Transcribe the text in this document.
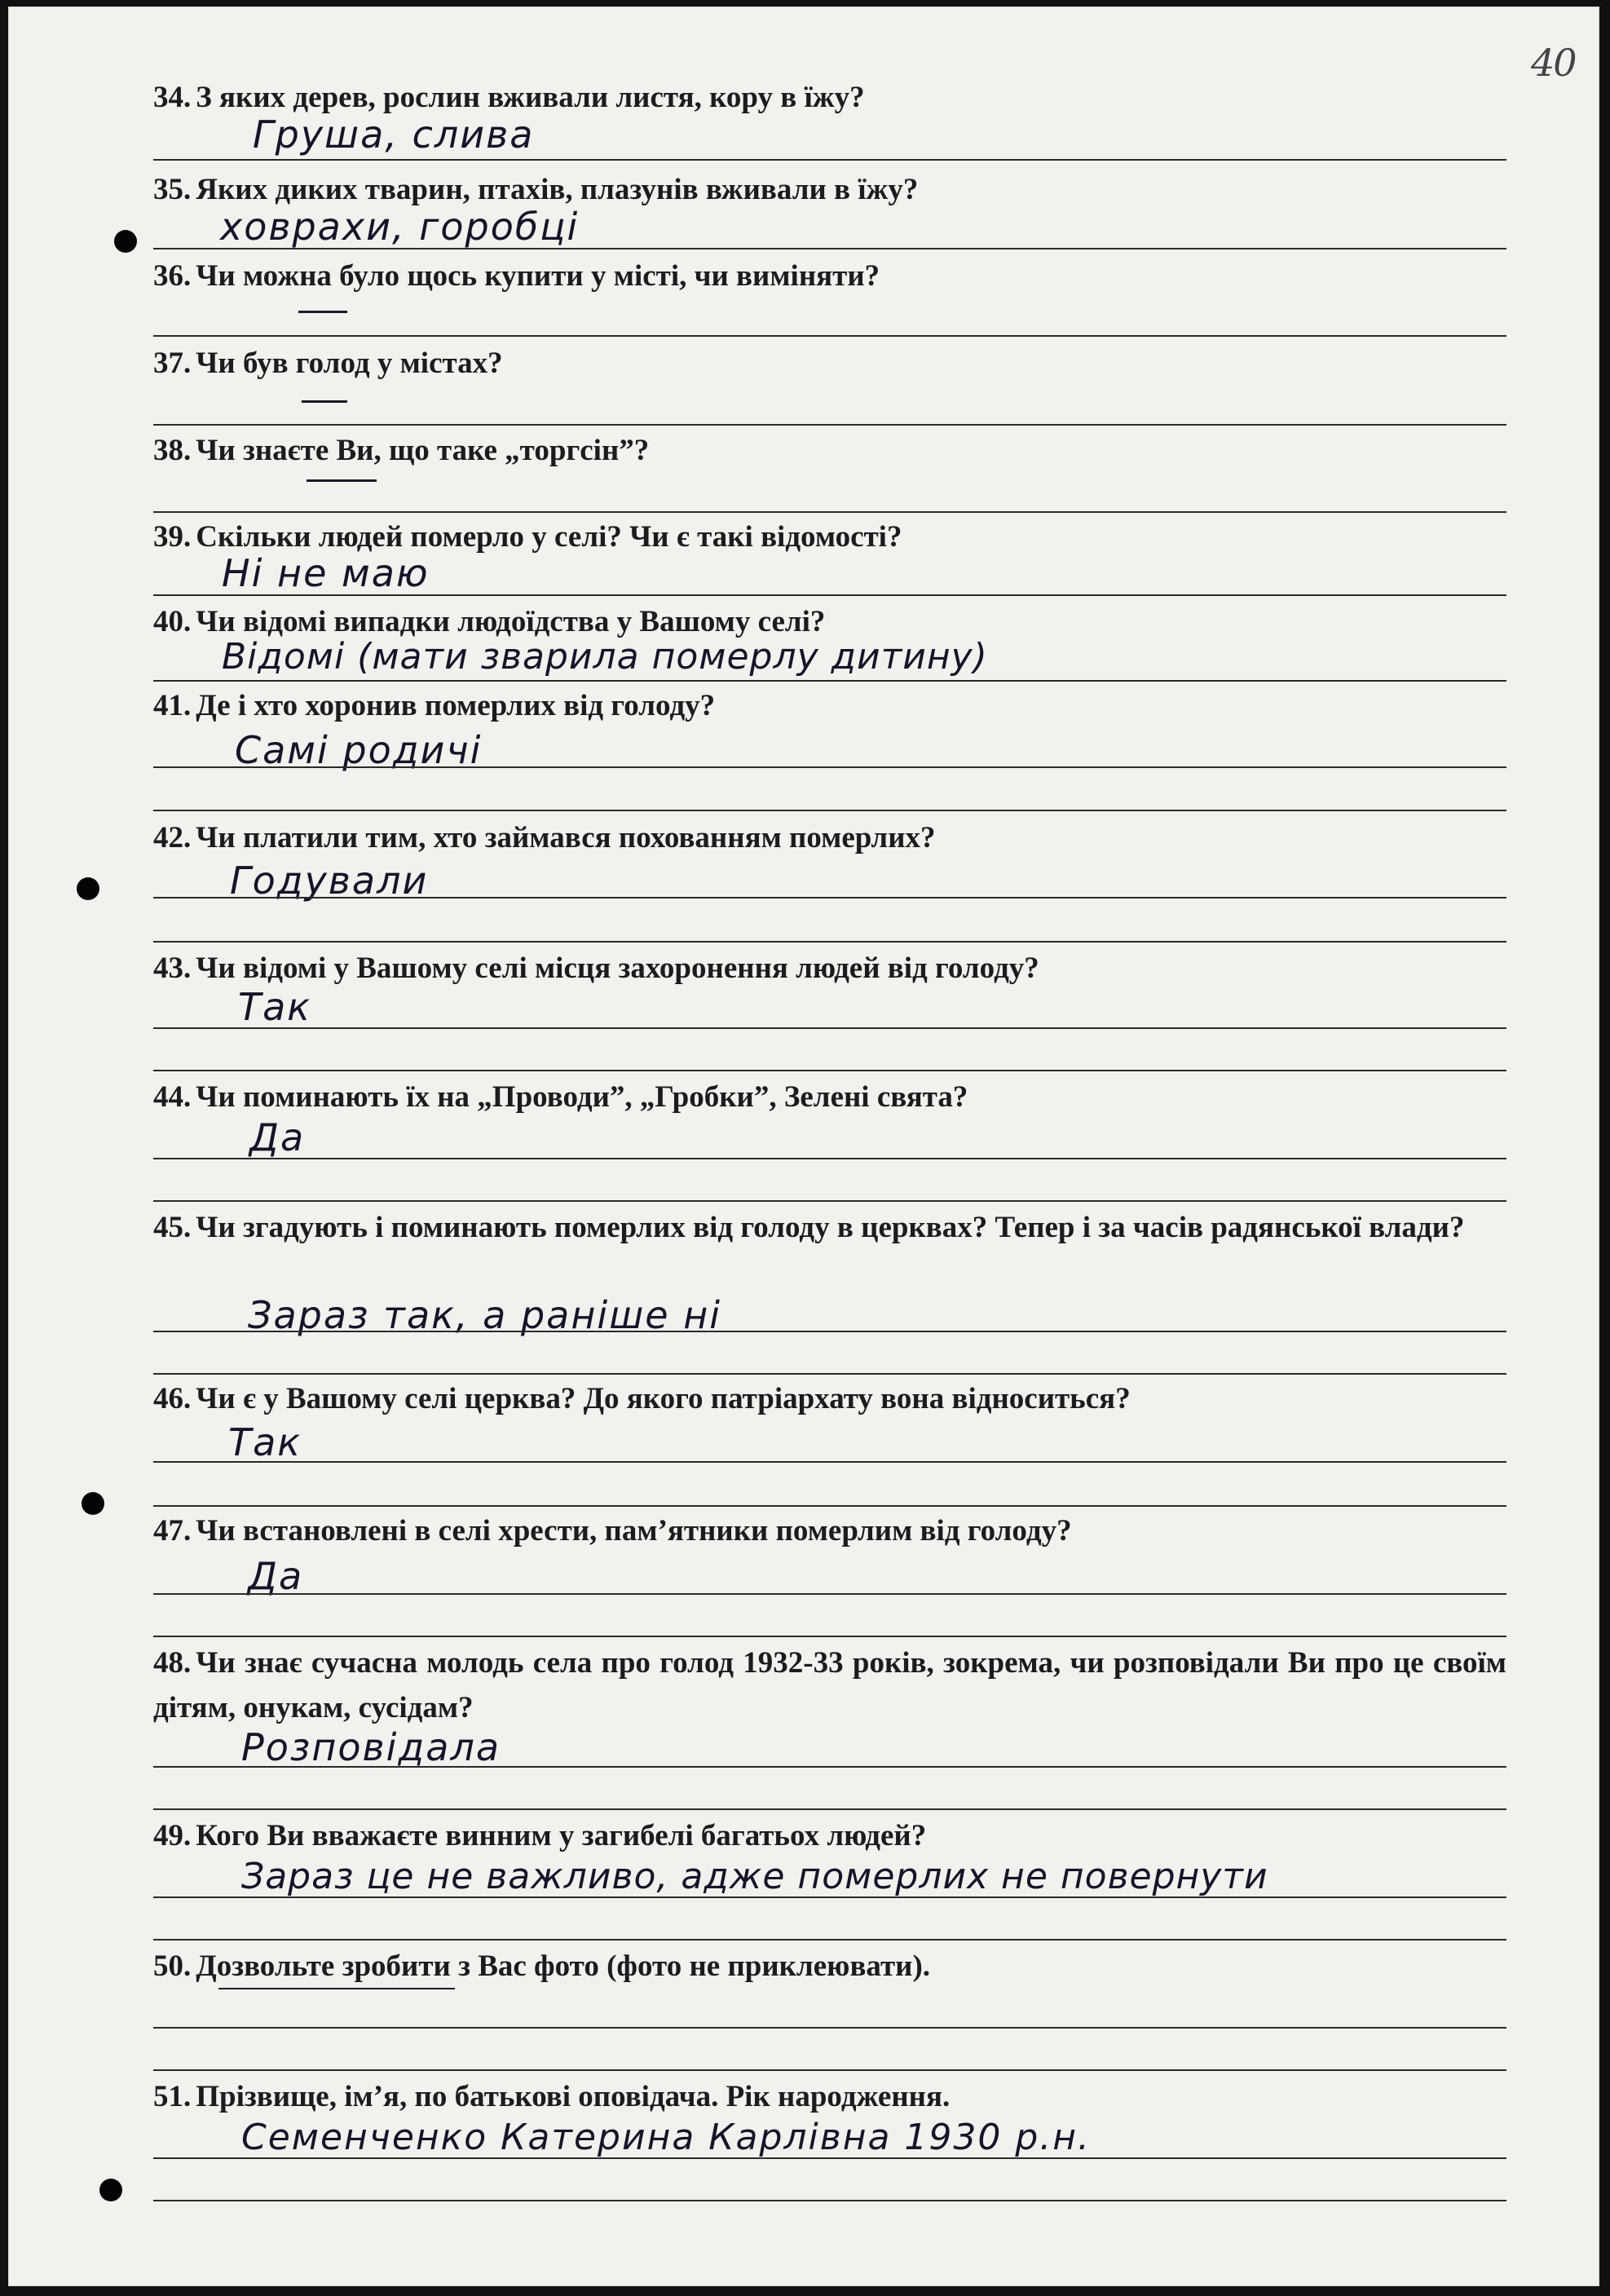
40

34. З яких дерев, рослин вживали листя, кору в їжу?

Груша, слива

35. Яких диких тварин, птахів, плазунів вживали в їжу?

ховрахи, горобці

36. Чи можна було щось купити у місті, чи виміняти?

37. Чи був голод у містах?

38. Чи знаєте Ви, що таке „торгсін”?

39. Скільки людей померло у селі? Чи є такі відомості?

Ні не маю

40. Чи відомі випадки людоїдства у Вашому селі?

Відомі (мати зварила померлу дитину)

41. Де і хто хоронив померлих від голоду?

Самі родичі

42. Чи платили тим, хто займався похованням померлих?

Годували

43. Чи відомі у Вашому селі місця захоронення людей від голоду?

Так

44. Чи поминають їх на „Проводи”, „Гробки”, Зелені свята?

Да

45. Чи згадують і поминають померлих від голоду в церквах? Тепер і за часів радянської влади?

Зараз так, а раніше ні

46. Чи є у Вашому селі церква? До якого патріархату вона відноситься?

Так

47. Чи встановлені в селі хрести, пам’ятники померлим від голоду?

Да

48. Чи знає сучасна молодь села про голод 1932-33 років, зокрема, чи розповідали Ви про це своїм дітям, онукам, сусідам?

Розповідала

49. Кого Ви вважаєте винним у загибелі багатьох людей?

Зараз це не важливо, адже померлих не повернути

50. Дозвольте зробити з Вас фото (фото не приклеювати).

51. Прізвище, ім’я, по батькові оповідача. Рік народження.

Семенченко Катерина Карлівна 1930 р.н.
